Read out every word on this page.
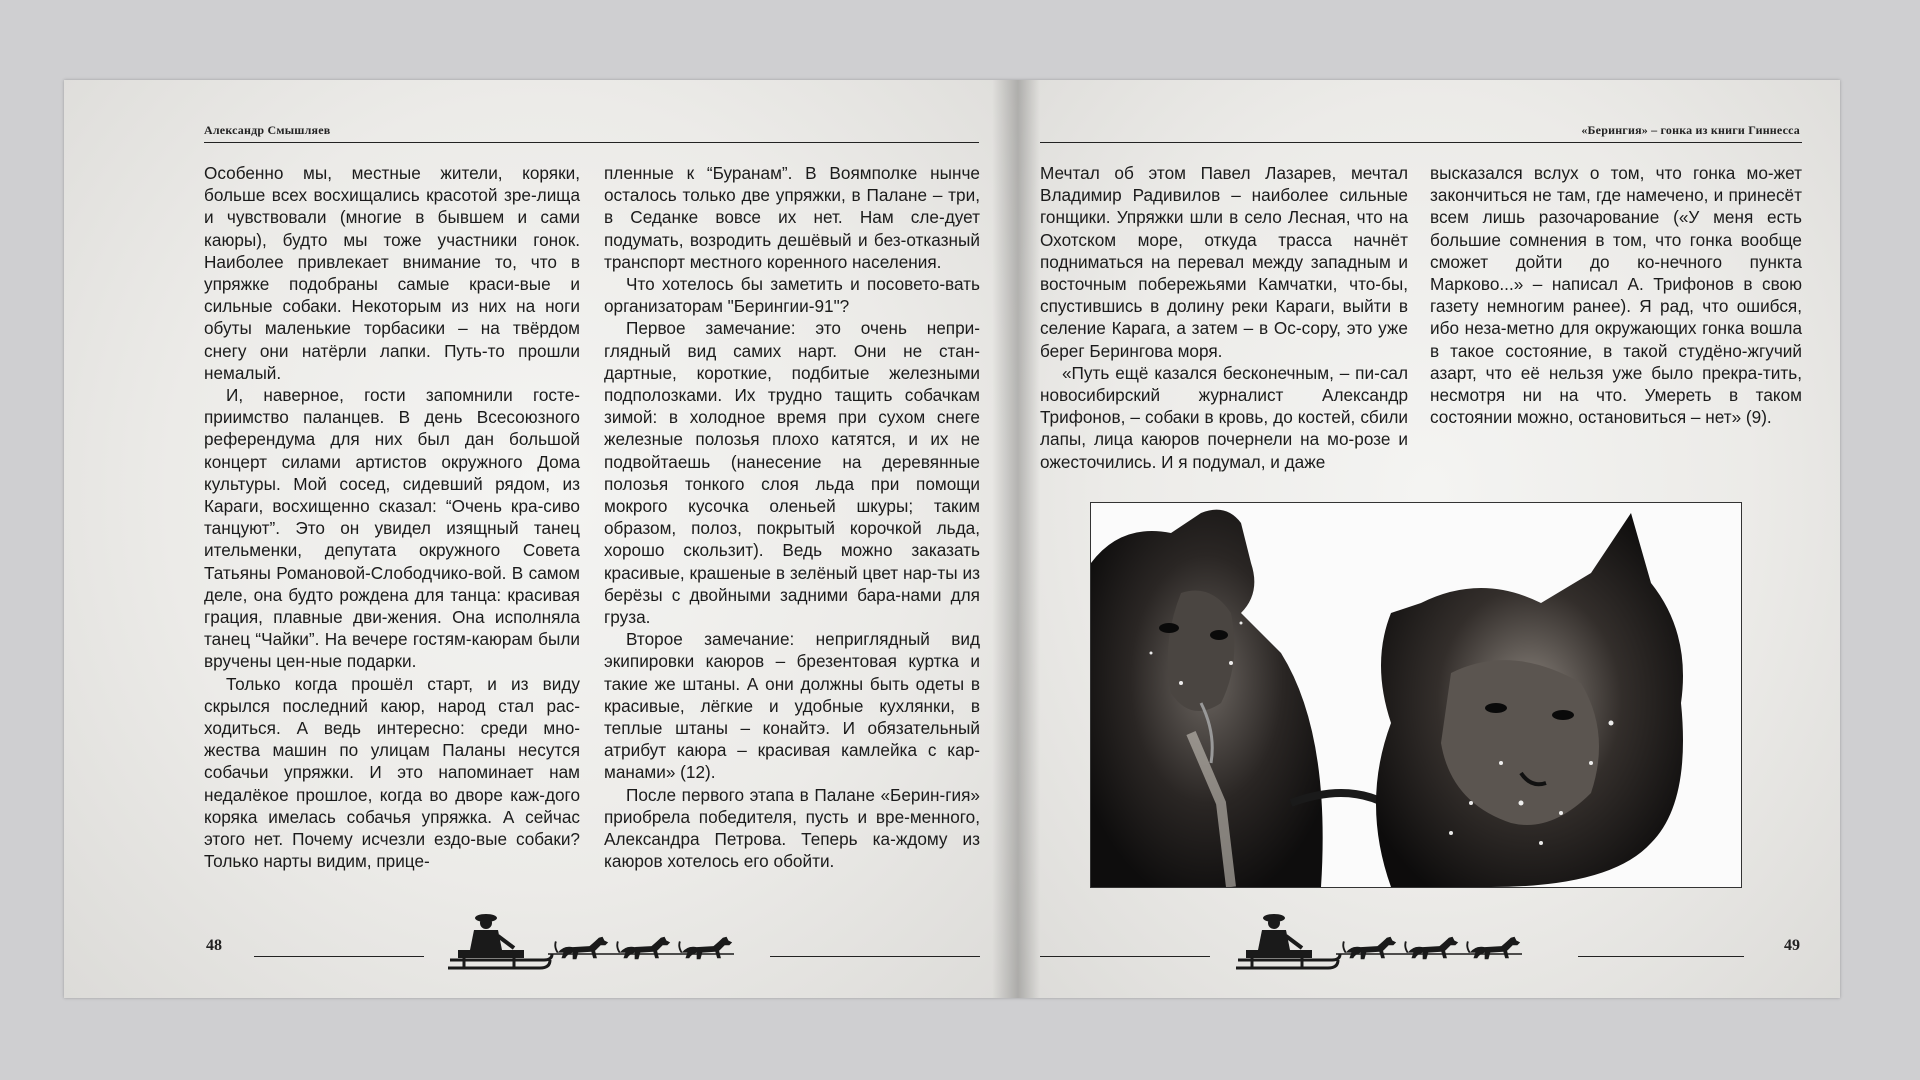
Александр Смышляев

Особенно мы, местные жители, коряки, больше всех восхищались красотой зре-лища и чувствовали (многие в бывшем и сами каюры), будто мы тоже участники гонок. Наиболее привлекает внимание то, что в упряжке подобраны самые краси-вые и сильные собаки. Некоторым из них на ноги обуты маленькие торбасики – на твёрдом снегу они натёрли лапки. Путь-то прошли немалый.

И, наверное, гости запомнили госте-приимство паланцев. В день Всесоюзного референдума для них был дан большой концерт силами артистов окружного Дома культуры. Мой сосед, сидевший рядом, из Караги, восхищенно сказал: “Очень кра-сиво танцуют”. Это он увидел изящный танец ительменки, депутата окружного Совета Татьяны Романовой-Слободчико-вой. В самом деле, она будто рождена для танца: красивая грация, плавные дви-жения. Она исполняла танец “Чайки”. На вечере гостям-каюрам были вручены цен-ные подарки.

Только когда прошёл старт, и из виду скрылся последний каюр, народ стал рас-ходиться. А ведь интересно: среди мно-жества машин по улицам Паланы несутся собачьи упряжки. И это напоминает нам недалёкое прошлое, когда во дворе каж-дого коряка имелась собачья упряжка. А сейчас этого нет. Почему исчезли ездо-вые собаки? Только нарты видим, прице-

пленные к “Буранам”. В Воямполке нынче осталось только две упряжки, в Палане – три, в Седанке вовсе их нет. Нам сле-дует подумать, возродить дешёвый и без-отказный транспорт местного коренного населения.

Что хотелось бы заметить и посовето-вать организаторам "Берингии-91"?

Первое замечание: это очень непри-глядный вид самих нарт. Они не стан-дартные, короткие, подбитые железными подполозками. Их трудно тащить собачкам зимой: в холодное время при сухом снеге железные полозья плохо катятся, и их не подвойтаешь (нанесение на деревянные полозья тонкого слоя льда при помощи мокрого кусочка оленьей шкуры; таким образом, полоз, покрытый корочкой льда, хорошо скользит). Ведь можно заказать красивые, крашеные в зелёный цвет нар-ты из берёзы с двойными задними бара-нами для груза.

Второе замечание: неприглядный вид экипировки каюров – брезентовая куртка и такие же штаны. А они должны быть одеты в красивые, лёгкие и удобные кухлянки, в теплые штаны – конайтэ. И обязательный атрибут каюра – красивая камлейка с кар-манами» (12).

После первого этапа в Палане «Берин-гия» приобрела победителя, пусть и вре-менного, Александра Петрова. Теперь ка-ждому из каюров хотелось его обойти.

48
«Берингия» – гонка из книги Гиннесса

Мечтал об этом Павел Лазарев, мечтал Владимир Радивилов – наиболее сильные гонщики. Упряжки шли в село Лесная, что на Охотском море, откуда трасса начнёт подниматься на перевал между западным и восточным побережьями Камчатки, что-бы, спустившись в долину реки Караги, выйти в селение Карага, а затем – в Ос-сору, это уже берег Берингова моря.

«Путь ещё казался бесконечным, – пи-сал новосибирский журналист Александр Трифонов, – собаки в кровь, до костей, сбили лапы, лица каюров почернели на мо-розе и ожесточились. И я подумал, и даже

высказался вслух о том, что гонка мо-жет закончиться не там, где намечено, и принесёт всем лишь разочарование («У меня есть большие сомнения в том, что гонка вообще сможет дойти до ко-нечного пункта Марково...» – написал А. Трифонов в свою газету немногим ранее). Я рад, что ошибся, ибо неза-метно для окружающих гонка вошла в такое состояние, в такой студёно-жгучий азарт, что её нельзя уже было прекра-тить, несмотря ни на что. Умереть в таком состоянии можно, остановиться – нет» (9).

49
